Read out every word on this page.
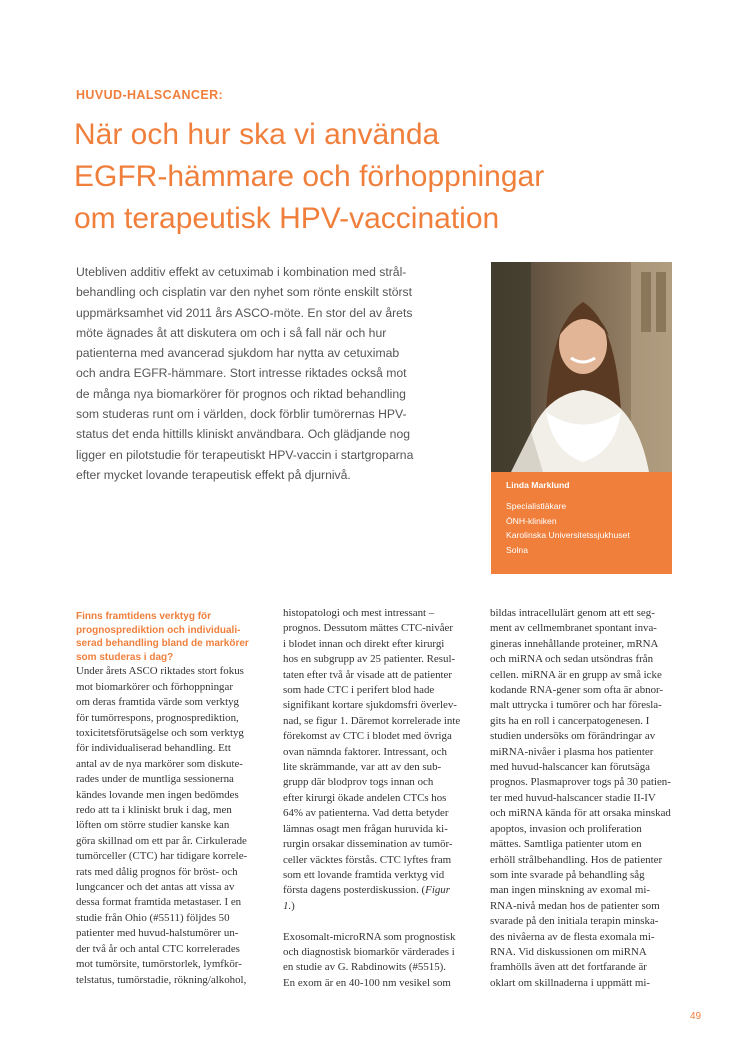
HUVUD-HALSCANCER:
När och hur ska vi använda
EGFR-hämmare och förhoppningar
om terapeutisk HPV-vaccination
Utebliven additiv effekt av cetuximab i kombination med strål-
behandling och cisplatin var den nyhet som rönte enskilt störst
uppmärksamhet vid 2011 års ASCO-möte. En stor del av årets
möte ägnades åt att diskutera om och i så fall när och hur
patienterna med avancerad sjukdom har nytta av cetuximab
och andra EGFR-hämmare. Stort intresse riktades också mot
de många nya biomarkörer för prognos och riktad behandling
som studeras runt om i världen, dock förblir tumörernas HPV-
status det enda hittills kliniskt användbara. Och glädjande nog
ligger en pilotstudie för terapeutiskt HPV-vaccin i startgroparna
efter mycket lovande terapeutisk effekt på djurnivå.
Linda Marklund
Specialistläkare
ÖNH-kliniken
Karolinska Universitetssjukhuset
Solna
Finns framtidens verktyg för
prognosprediktion och individuali-
serad behandling bland de markörer
som studeras i dag?
Under årets ASCO riktades stort fokus
mot biomarkörer och förhoppningar
om deras framtida värde som verktyg
för tumörrespons, prognosprediktion,
toxicitetsförutsägelse och som verktyg
för individualiserad behandling. Ett
antal av de nya markörer som diskute-
rades under de muntliga sessionerna
kändes lovande men ingen bedömdes
redo att ta i kliniskt bruk i dag, men
löften om större studier kanske kan
göra skillnad om ett par år. Cirkulerade
tumörceller (CTC) har tidigare korrele-
rats med dålig prognos för bröst- och
lungcancer och det antas att vissa av
dessa format framtida metastaser. I en
studie från Ohio (#5511) följdes 50
patienter med huvud-halstumörer un-
der två år och antal CTC korrelerades
mot tumörsite, tumörstorlek, lymfkör-
telstatus, tumörstadie, rökning/alkohol,
histopatologi och mest intressant –
prognos. Dessutom mättes CTC-nivåer
i blodet innan och direkt efter kirurgi
hos en subgrupp av 25 patienter. Resul-
taten efter två år visade att de patienter
som hade CTC i perifert blod hade
signifikant kortare sjukdomsfri överlev-
nad, se figur 1. Däremot korrelerade inte
förekomst av CTC i blodet med övriga
ovan nämnda faktorer. Intressant, och
lite skrämmande, var att av den sub-
grupp där blodprov togs innan och
efter kirurgi ökade andelen CTCs hos
64% av patienterna. Vad detta betyder
lämnas osagt men frågan huruvida ki-
rurgin orsakar dissemination av tumör-
celler väcktes förstås. CTC lyftes fram
som ett lovande framtida verktyg vid
första dagens posterdiskussion. (Figur
1.)
Exosomalt-microRNA som prognostisk
och diagnostisk biomarkör värderades i
en studie av G. Rabdinowits (#5515).
En exom är en 40-100 nm vesikel som
bildas intracellulärt genom att ett seg-
ment av cellmembranet spontant inva-
gineras innehållande proteiner, mRNA
och miRNA och sedan utsöndras från
cellen. miRNA är en grupp av små icke
kodande RNA-gener som ofta är abnor-
malt uttrycka i tumörer och har föresla-
gits ha en roll i cancerpatogenesen. I
studien undersöks om förändringar av
miRNA-nivåer i plasma hos patienter
med huvud-halscancer kan förutsäga
prognos. Plasmaprover togs på 30 patien-
ter med huvud-halscancer stadie II-IV
och miRNA kända för att orsaka minskad
apoptos, invasion och proliferation
mättes. Samtliga patienter utom en
erhöll strålbehandling. Hos de patienter
som inte svarade på behandling såg
man ingen minskning av exomal mi-
RNA-nivå medan hos de patienter som
svarade på den initiala terapin minska-
des nivåerna av de flesta exomala mi-
RNA. Vid diskussionen om miRNA
framhölls även att det fortfarande är
oklart om skillnaderna i uppmätt mi-
49
